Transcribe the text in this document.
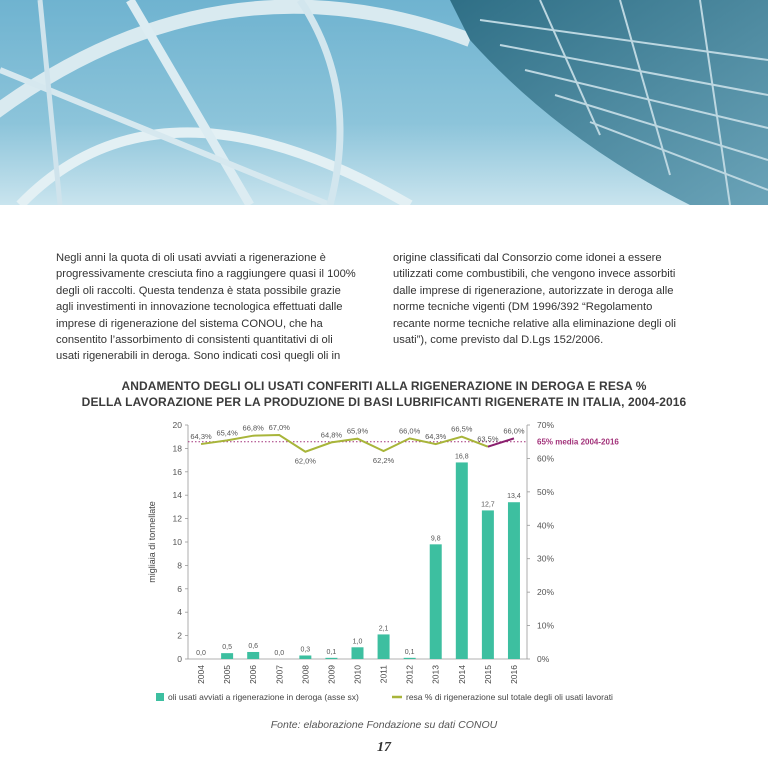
Negli anni la quota di oli usati avviati a rigenerazione è
progressivamente cresciuta fino a raggiungere quasi il 100%
degli oli raccolti. Questa tendenza è stata possibile grazie
agli investimenti in innovazione tecnologica effettuati dalle
imprese di rigenerazione del sistema CONOU, che ha
consentito l’assorbimento di consistenti quantitativi di oli
usati rigenerabili in deroga. Sono indicati così quegli oli in
origine classificati dal Consorzio come idonei a essere
utilizzati come combustibili, che vengono invece assorbiti
dalle imprese di rigenerazione, autorizzate in deroga alle
norme tecniche vigenti (DM 1996/392 “Regolamento
recante norme tecniche relative alla eliminazione degli oli
usati”), come previsto dal D.Lgs 152/2006.
ANDAMENTO DEGLI OLI USATI CONFERITI ALLA RIGENERAZIONE IN DEROGA E RESA %
DELLA LAVORAZIONE PER LA PRODUZIONE DI BASI LUBRIFICANTI RIGENERATE IN ITALIA, 2004-2016
0
2
4
6
8
10
12
14
16
18
20
0%
10%
20%
30%
40%
50%
60%
70%
migliaia di tonnellate
0,0
0,5 0,6
0,0
0,3 0,1
1,0
2,1
0,1
9,8
16,8
12,7
13,4
2004 2005 2006 2007 2008 2009 2010 2011 2012 2013 2014 2015 2016
65% media 2004-2016
64,3% 65,4%
66,8% 67,0%
62,0%
64,8% 65,9%
62,2%
66,0%
64,3%
66,5%
63,5%
66,0%
oli usati avviati a rigenerazione in deroga (asse sx)	resa % di rigenerazione sul totale degli oli usati lavorati
Fonte: elaborazione Fondazione su dati CONOU
17
